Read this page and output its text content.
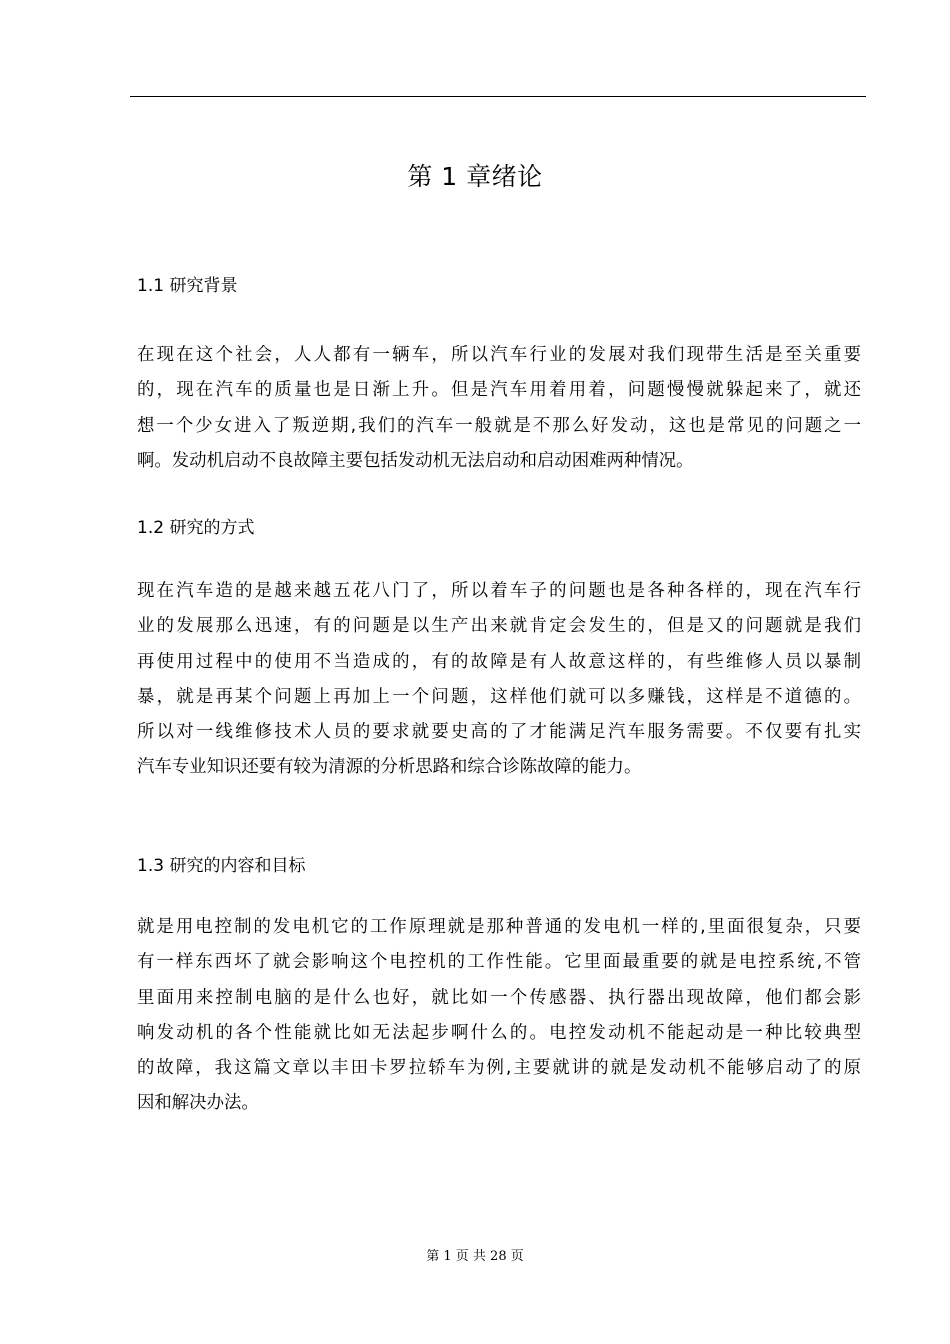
第 1 章绪论
1.1 研究背景
在现在这个社会，人人都有一辆车，所以汽车行业的发展对我们现带生活是至关重要
的，现在汽车的质量也是日渐上升。但是汽车用着用着，问题慢慢就躲起来了，就还
想一个少女进入了叛逆期,我们的汽车一般就是不那么好发动，这也是常见的问题之一
啊。发动机启动不良故障主要包括发动机无法启动和启动困难两种情况。
1.2 研究的方式
现在汽车造的是越来越五花八门了，所以着车子的问题也是各种各样的，现在汽车行
业的发展那么迅速，有的问题是以生产出来就肯定会发生的，但是又的问题就是我们
再使用过程中的使用不当造成的，有的故障是有人故意这样的，有些维修人员以暴制
暴，就是再某个问题上再加上一个问题，这样他们就可以多赚钱，这样是不道德的。
所以对一线维修技术人员的要求就要史高的了才能满足汽车服务需要。不仅要有扎实
汽车专业知识还要有较为清源的分析思路和综合诊陈故障的能力。
1.3 研究的内容和目标
就是用电控制的发电机它的工作原理就是那种普通的发电机一样的,里面很复杂，只要
有一样东西坏了就会影响这个电控机的工作性能。它里面最重要的就是电控系统,不管
里面用来控制电脑的是什么也好，就比如一个传感器、执行器出现故障，他们都会影
响发动机的各个性能就比如无法起步啊什么的。电控发动机不能起动是一种比较典型
的故障，我这篇文章以丰田卡罗拉轿车为例,主要就讲的就是发动机不能够启动了的原
因和解决办法。
第 1 页 共 28 页
